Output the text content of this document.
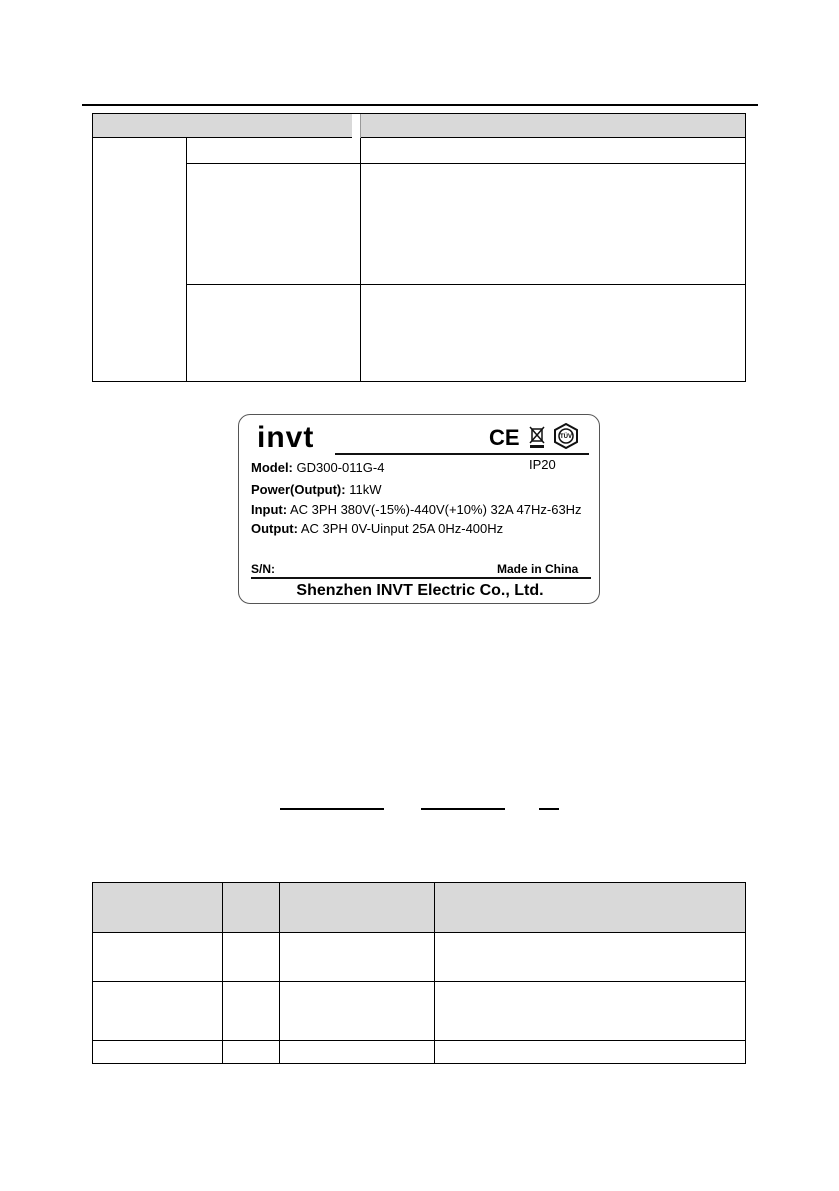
invt	CE	TÜV
IP20
Model: GD300-011G-4
Power(Output): 11kW
Input: AC 3PH 380V(-15%)-440V(+10%) 32A 47Hz-63Hz
Output: AC 3PH 0V-Uinput 25A 0Hz-400Hz
S/N:	Made in China
Shenzhen INVT Electric Co., Ltd.
